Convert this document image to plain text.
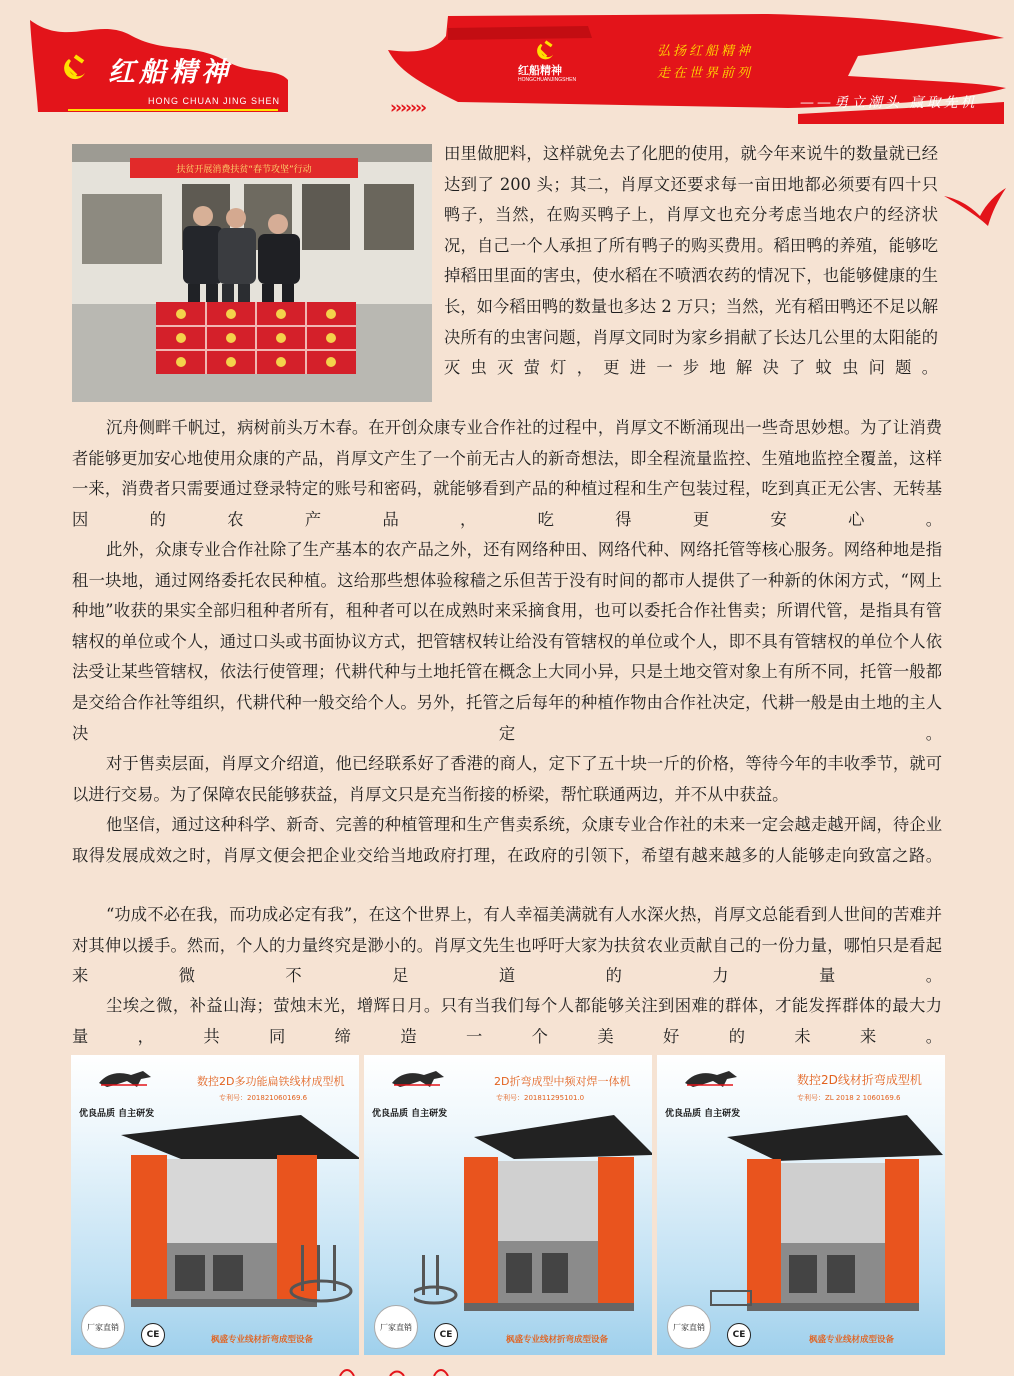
红船精神
HONG CHUAN JING SHEN
红船精神
HONGCHUANJINGSHEN
弘扬红船精神
走在世界前列
——勇立潮头 赢取先机
›››››››
扶贫开展消费扶贫“春节攻坚”行动

田里做肥料，这样就免去了化肥的使用，就今年来说牛的数量就已经达到了 200 头；其二，肖厚文还要求每一亩田地都必须要有四十只鸭子，当然，在购买鸭子上，肖厚文也充分考虑当地农户的经济状况，自己一个人承担了所有鸭子的购买费用。稻田鸭的养殖，能够吃掉稻田里面的害虫，使水稻在不喷洒农药的情况下，也能够健康的生长，如今稻田鸭的数量也多达 2 万只；当然，光有稻田鸭还不足以解决所有的虫害问题，肖厚文同时为家乡捐献了长达几公里的太阳能的灭虫灭萤灯，更进一步地解决了蚊虫问题。

沉舟侧畔千帆过，病树前头万木春。在开创众康专业合作社的过程中，肖厚文不断涌现出一些奇思妙想。为了让消费者能够更加安心地使用众康的产品，肖厚文产生了一个前无古人的新奇想法，即全程流量监控、生殖地监控全覆盖，这样一来，消费者只需要通过登录特定的账号和密码，就能够看到产品的种植过程和生产包装过程，吃到真正无公害、无转基因的农产品，吃得更安心。

此外，众康专业合作社除了生产基本的农产品之外，还有网络种田、网络代种、网络托管等核心服务。网络种地是指租一块地，通过网络委托农民种植。这给那些想体验稼穑之乐但苦于没有时间的都市人提供了一种新的休闲方式，“网上种地”收获的果实全部归租种者所有，租种者可以在成熟时来采摘食用，也可以委托合作社售卖；所谓代管，是指具有管辖权的单位或个人，通过口头或书面协议方式，把管辖权转让给没有管辖权的单位或个人，即不具有管辖权的单位个人依法受让某些管辖权，依法行使管理；代耕代种与土地托管在概念上大同小异，只是土地交管对象上有所不同，托管一般都是交给合作社等组织，代耕代种一般交给个人。另外，托管之后每年的种植作物由合作社决定，代耕一般是由土地的主人决定。

对于售卖层面，肖厚文介绍道，他已经联系好了香港的商人，定下了五十块一斤的价格，等待今年的丰收季节，就可以进行交易。为了保障农民能够获益，肖厚文只是充当衔接的桥梁，帮忙联通两边，并不从中获益。

他坚信，通过这种科学、新奇、完善的种植管理和生产售卖系统，众康专业合作社的未来一定会越走越开阔，待企业取得发展成效之时，肖厚文便会把企业交给当地政府打理，在政府的引领下，希望有越来越多的人能够走向致富之路。

“功成不必在我，而功成必定有我”，在这个世界上，有人幸福美满就有人水深火热，肖厚文总能看到人世间的苦难并对其伸以援手。然而，个人的力量终究是渺小的。肖厚文先生也呼吁大家为扶贫农业贡献自己的一份力量，哪怕只是看起来微不足道的力量。

尘埃之微，补益山海；萤烛末光，增辉日月。只有当我们每个人都能够关注到困难的群体，才能发挥群体的最大力量，共同缔造一个美好的未来。

数控2D多功能扁铁线材成型机
专利号：201821060169.6
优良品质 自主研发
厂家直销
CE	枫盛专业线材折弯成型设备
2D折弯成型中频对焊一体机
专利号：201811295101.0
优良品质 自主研发
厂家直销
CE	枫盛专业线材折弯成型设备
数控2D线材折弯成型机
专利号：ZL 2018 2 1060169.6
优良品质 自主研发
厂家直销
CE	枫盛专业线材成型设备
